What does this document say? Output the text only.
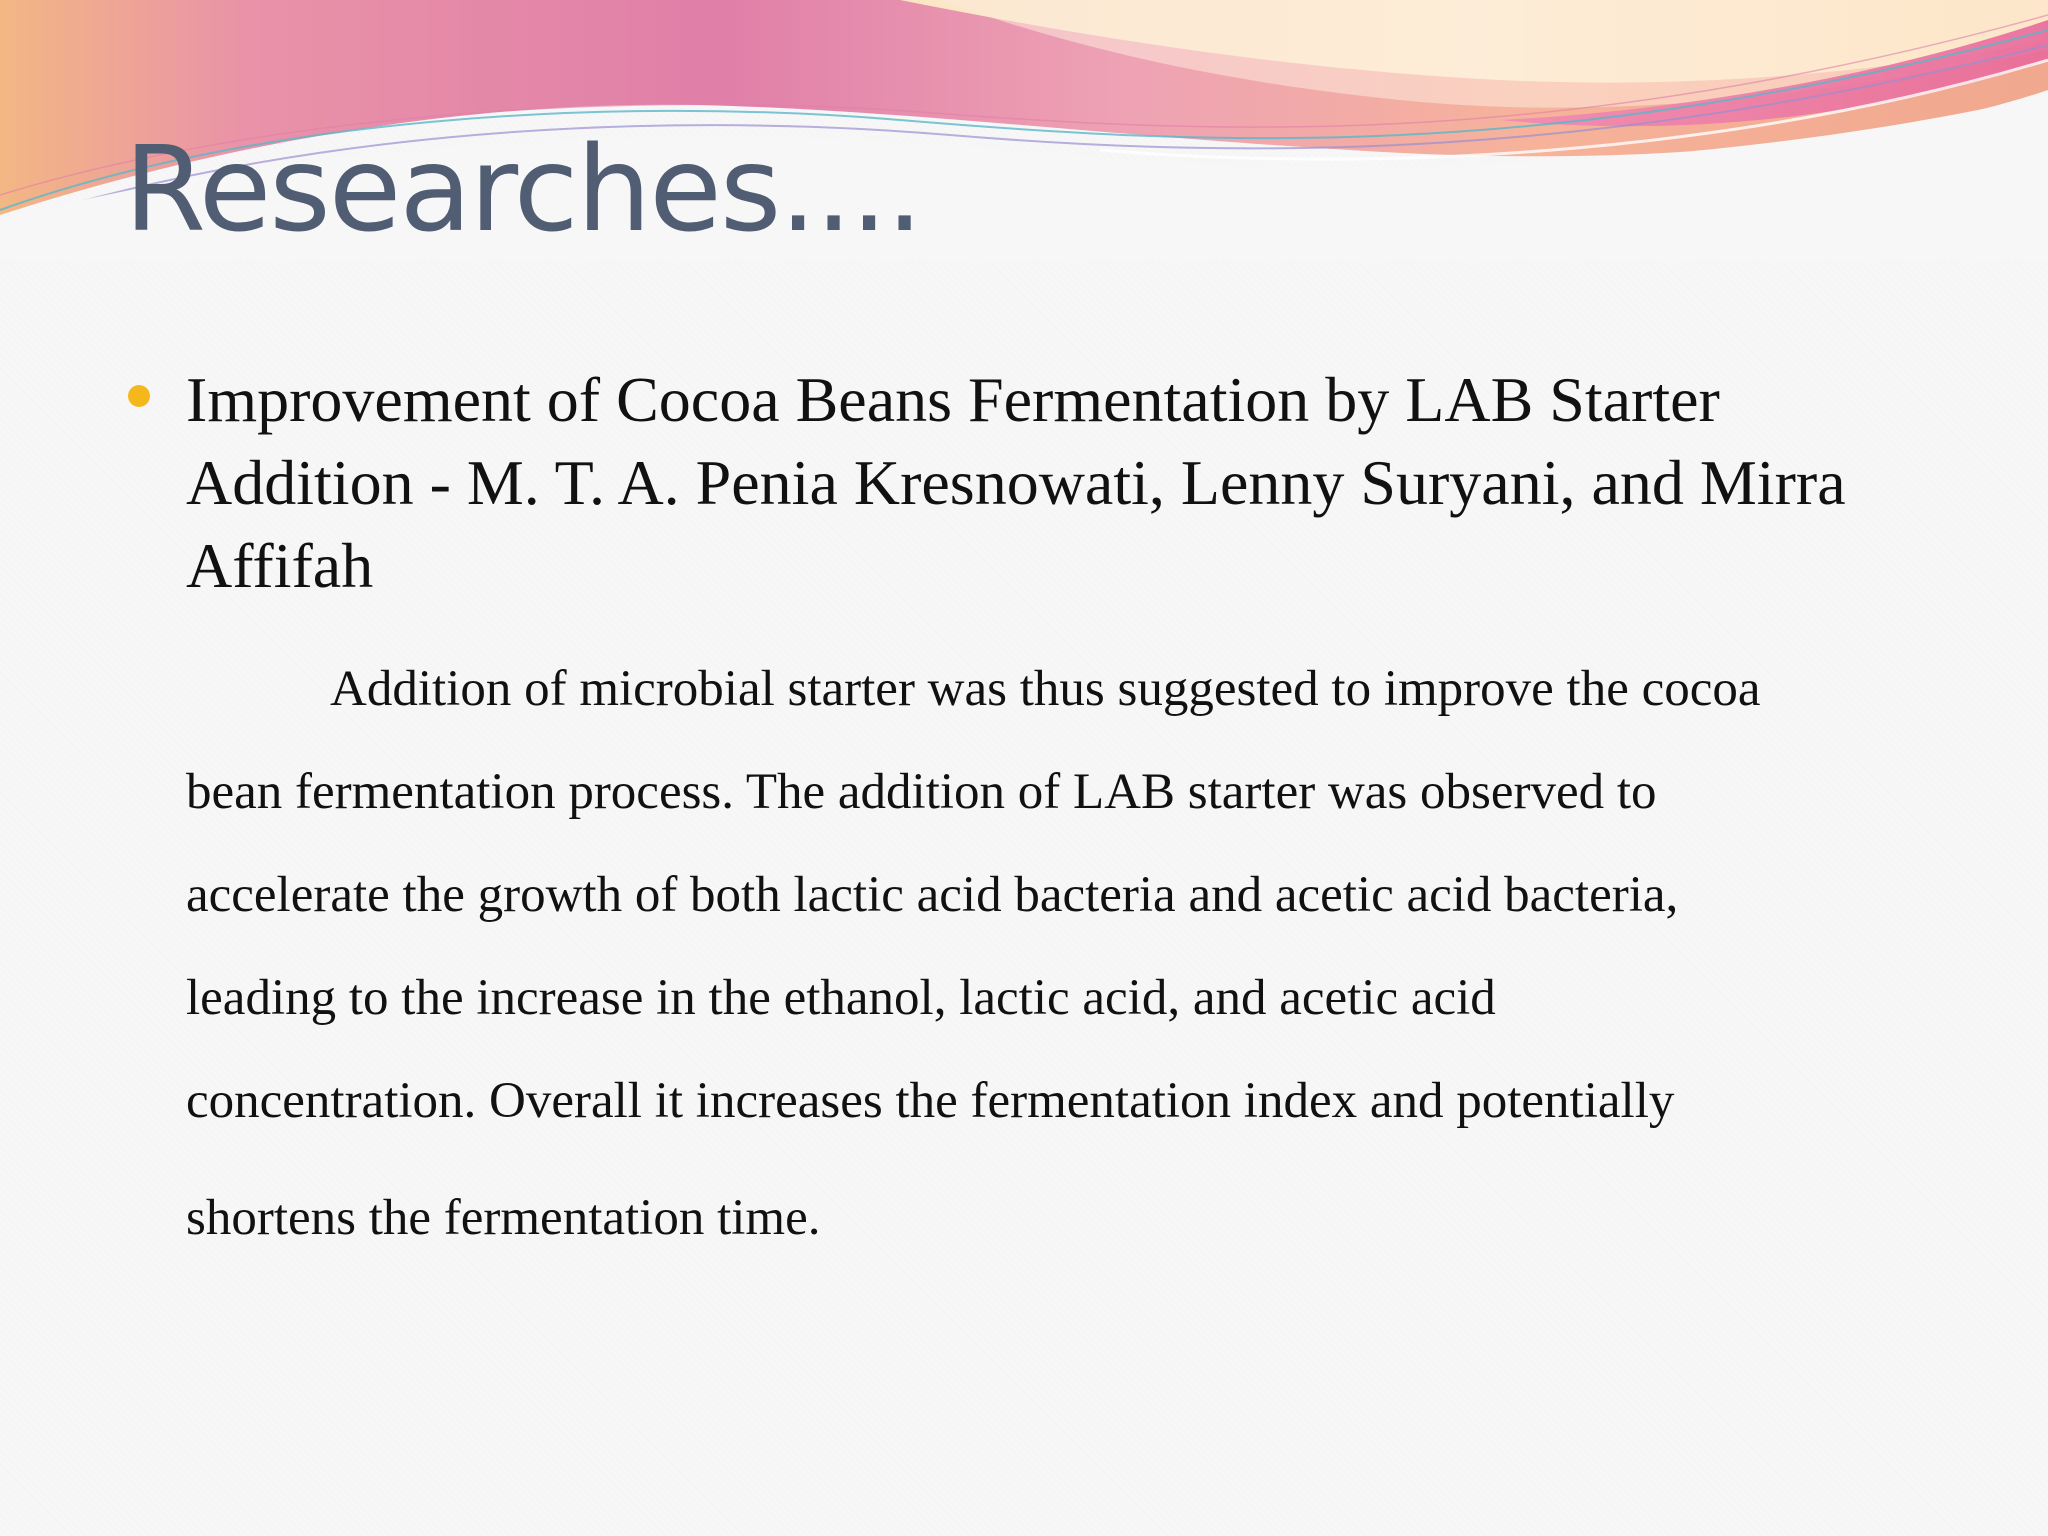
Researches....

Improvement of Cocoa Beans Fermentation by LAB Starter Addition - M. T. A. Penia Kresnowati, Lenny Suryani, and Mirra Affifah

Addition of microbial starter was thus suggested to improve the cocoa

bean fermentation process. The addition of LAB starter was observed to

accelerate the growth of both lactic acid bacteria and acetic acid bacteria,

leading to the increase in the ethanol, lactic acid, and acetic acid

concentration. Overall it increases the fermentation index and potentially

shortens the fermentation time.
